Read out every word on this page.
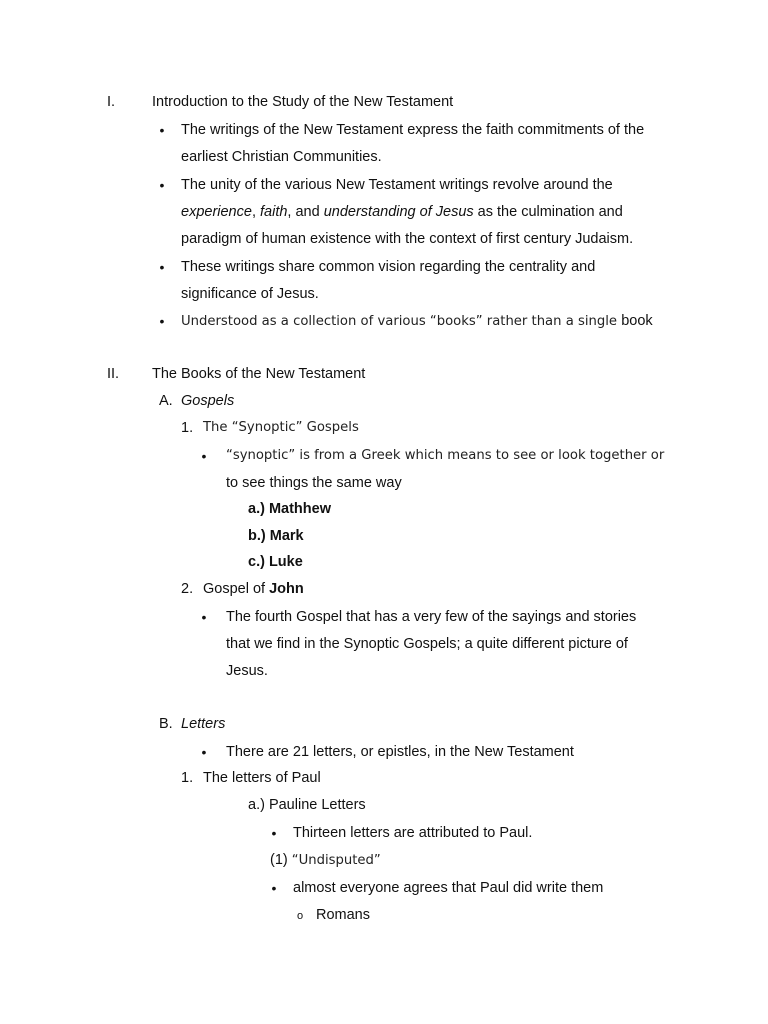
I.	Introduction to the Study of the New Testament
•
The writings of the New Testament express the faith commitments of the
earliest Christian Communities.
•
The unity of the various New Testament writings revolve around the
experience, faith, and understanding of Jesus as the culmination and
paradigm of human existence with the context of first century Judaism.
•
These writings share common vision regarding the centrality and
significance of Jesus.
•
Understood as a collection of various “books” rather than a single book
II. The Books of the New Testament
A. Gospels
1. The “Synoptic” Gospels
•
“synoptic” is from a Greek which means to see or look together or
to see things the same way
a.) Mathhew
b.) Mark
c.) Luke
2. Gospel of John
•
The fourth Gospel that has a very few of the sayings and stories
that we find in the Synoptic Gospels; a quite different picture of
Jesus.
B. Letters
•
There are 21 letters, or epistles, in the New Testament
1. The letters of Paul
a.) Pauline Letters
•
Thirteen letters are attributed to Paul.
(1) “Undisputed”
•
almost everyone agrees that Paul did write them
o
Romans
